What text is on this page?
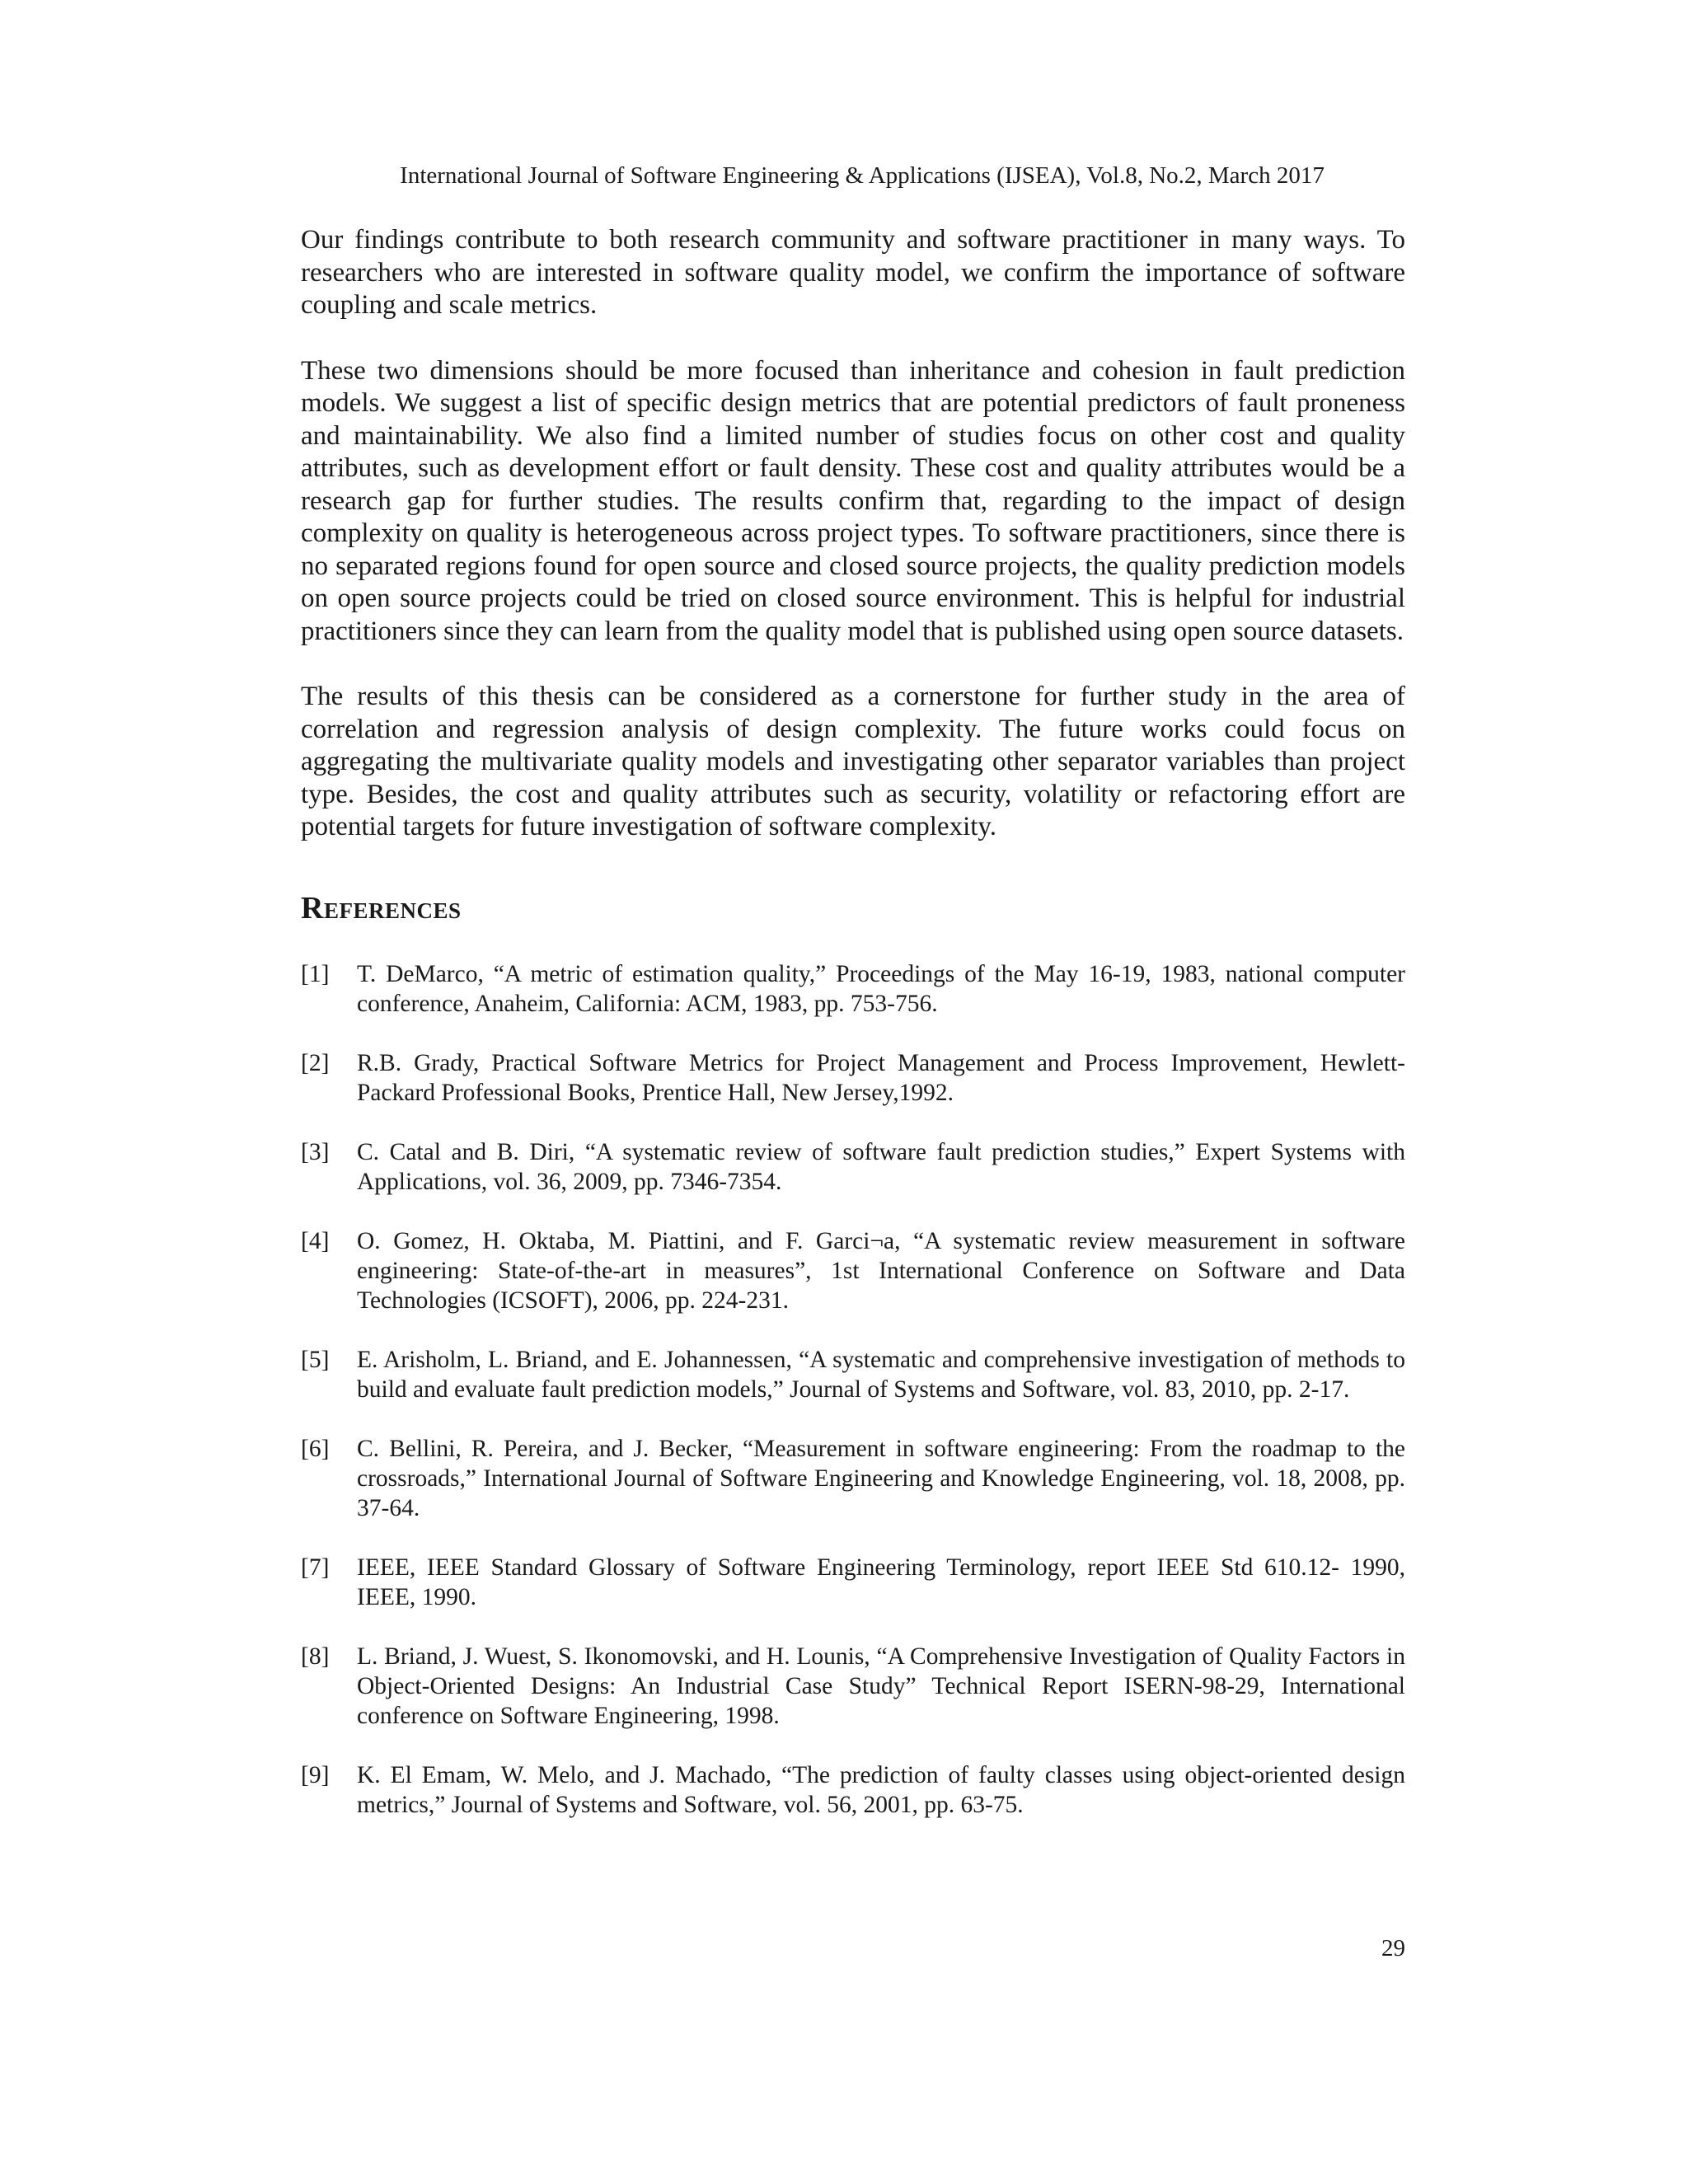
International Journal of Software Engineering & Applications (IJSEA), Vol.8, No.2, March 2017

Our findings contribute to both research community and software practitioner in many ways. To researchers who are interested in software quality model, we confirm the importance of software coupling and scale metrics.

These two dimensions should be more focused than inheritance and cohesion in fault prediction models. We suggest a list of specific design metrics that are potential predictors of fault proneness and maintainability. We also find a limited number of studies focus on other cost and quality attributes, such as development effort or fault density. These cost and quality attributes would be a research gap for further studies. The results confirm that, regarding to the impact of design complexity on quality is heterogeneous across project types. To software practitioners, since there is no separated regions found for open source and closed source projects, the quality prediction models on open source projects could be tried on closed source environment. This is helpful for industrial practitioners since they can learn from the quality model that is published using open source datasets.

The results of this thesis can be considered as a cornerstone for further study in the area of correlation and regression analysis of design complexity. The future works could focus on aggregating the multivariate quality models and investigating other separator variables than project type. Besides, the cost and quality attributes such as security, volatility or refactoring effort are potential targets for future investigation of software complexity.

References
[1] T. DeMarco, “A metric of estimation quality,” Proceedings of the May 16-19, 1983, national computer conference, Anaheim, California: ACM, 1983, pp. 753-756.
[2] R.B. Grady, Practical Software Metrics for Project Management and Process Improvement, Hewlett-Packard Professional Books, Prentice Hall, New Jersey,1992.
[3] C. Catal and B. Diri, “A systematic review of software fault prediction studies,” Expert Systems with Applications, vol. 36, 2009, pp. 7346-7354.
[4] O. Gomez, H. Oktaba, M. Piattini, and F. Garci¬a, “A systematic review measurement in software engineering: State-of-the-art in measures”, 1st International Conference on Software and Data Technologies (ICSOFT), 2006, pp. 224-231.
[5] E. Arisholm, L. Briand, and E. Johannessen, “A systematic and comprehensive investigation of methods to build and evaluate fault prediction models,” Journal of Systems and Software, vol. 83, 2010, pp. 2-17.
[6] C. Bellini, R. Pereira, and J. Becker, “Measurement in software engineering: From the roadmap to the crossroads,” International Journal of Software Engineering and Knowledge Engineering, vol. 18, 2008, pp. 37-64.
[7] IEEE, IEEE Standard Glossary of Software Engineering Terminology, report IEEE Std 610.12- 1990, IEEE, 1990.
[8] L. Briand, J. Wuest, S. Ikonomovski, and H. Lounis, “A Comprehensive Investigation of Quality Factors in Object-Oriented Designs: An Industrial Case Study” Technical Report ISERN-98-29, International conference on Software Engineering, 1998.
[9] K. El Emam, W. Melo, and J. Machado, “The prediction of faulty classes using object-oriented design metrics,” Journal of Systems and Software, vol. 56, 2001, pp. 63-75.
29
